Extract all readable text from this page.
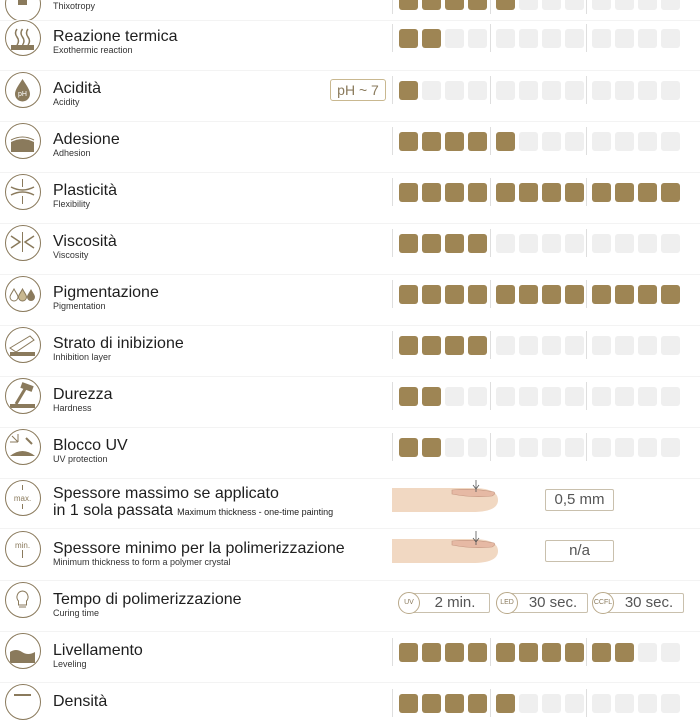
Thixotropy
Reazione termica
Exothermic reaction
pH Acidità
Acidity
pH ~ 7
Adesione
Adhesion
Plasticità
Flexibility
Viscosità
Viscosity
Pigmentazione
Pigmentation
Strato di inibizione
Inhibition layer
Durezza
Hardness
Blocco UV
UV protection
max. Spessore massimo se applicato
in 1 sola passata Maximum thickness - one-time painting
0,5 mm
min. Spessore minimo per la polimerizzazione
Minimum thickness to form a polymer crystal
n/a
Tempo di polimerizzazione
Curing time
2 min.
UV	30 sec.
LED	30 sec.
CCFL
Livellamento
Leveling
Densità
